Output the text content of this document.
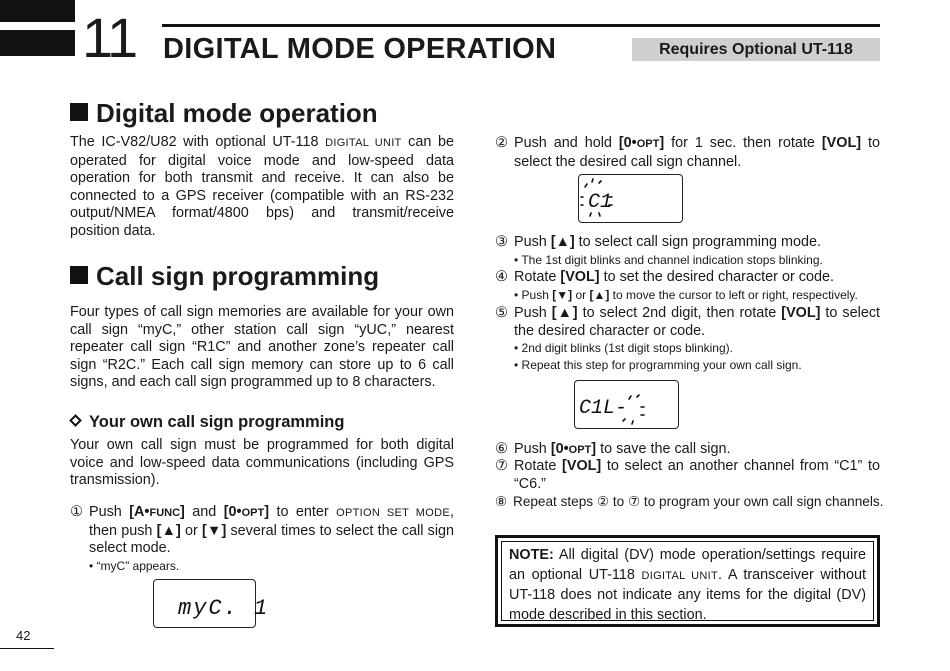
11 DIGITAL MODE OPERATION	Requires Optional UT-118
Digital mode operation
The IC-V82/U82 with optional UT-118 DIGITAL UNIT can be operated for digital voice mode and low-speed data operation for both transmit and receive. It can also be connected to a GPS receiver (compatible with an RS-232 output/NMEA format/4800 bps) and transmit/receive position data.
Call sign programming
Four types of call sign memories are available for your own call sign “myC,” other station call sign “yUC,” nearest repeater call sign “R1C” and another zone’s repeater call sign “R2C.” Each call sign memory can store up to 6 call signs, and each call sign programmed up to 8 characters.
Your own call sign programming
Your own call sign must be programmed for both digital voice and low-speed data communications (including GPS transmission).
① Push [A•FUNC] and [0•OPT] to enter OPTION SET MODE, then push [▲] or [▼] several times to select the call sign select mode.
• “myC” appears.
myC. 1
② Push and hold [0•OPT] for 1 sec. then rotate [VOL] to select the desired call sign channel.
C1
③ Push [▲] to select call sign programming mode.
• The 1st digit blinks and channel indication stops blinking.
④ Rotate [VOL] to set the desired character or code.
• Push [▼] or [▲] to move the cursor to left or right, respectively.
⑤ Push [▲] to select 2nd digit, then rotate [VOL] to select the desired character or code.
• 2nd digit blinks (1st digit stops blinking).
• Repeat this step for programming your own call sign.
C1L-
⑥ Push [0•OPT] to save the call sign.
⑦ Rotate [VOL] to select an another channel from “C1” to “C6.”
⑧ Repeat steps ② to ⑦ to program your own call sign channels.
NOTE: All digital (DV) mode operation/settings require an optional UT-118 DIGITAL UNIT. A transceiver without UT-118 does not indicate any items for the digital (DV) mode described in this section.
42
